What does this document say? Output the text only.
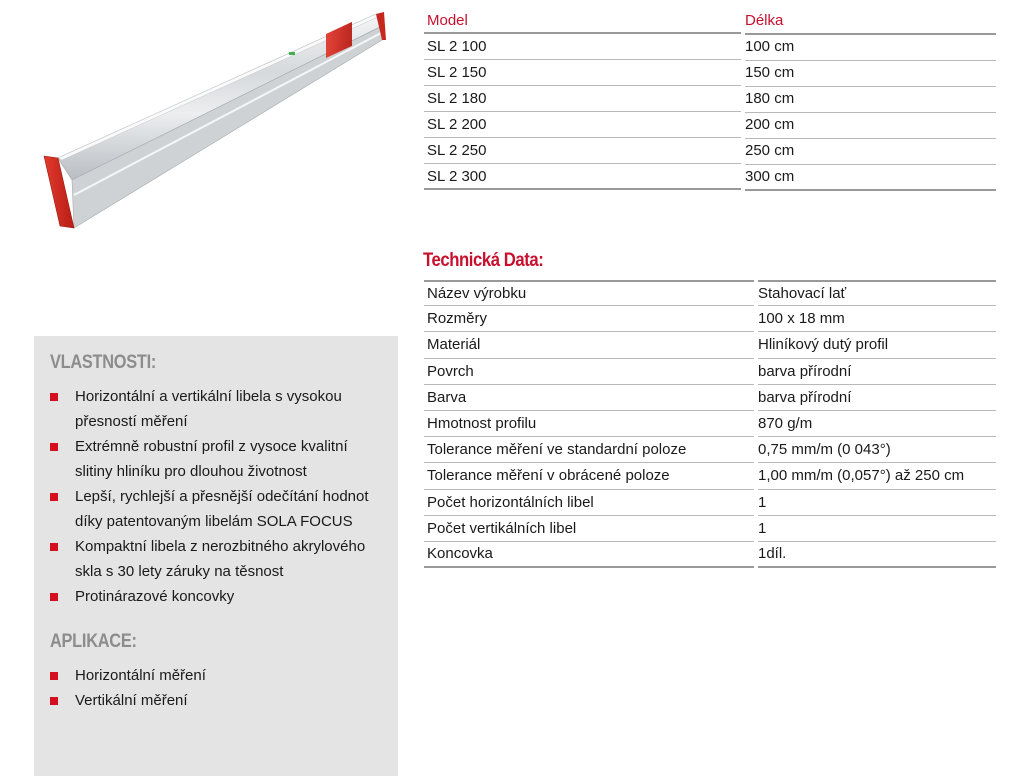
Model	Délka
SL 2 100	100 cm
SL 2 150	150 cm
SL 2 180	180 cm
SL 2 200	200 cm
SL 2 250	250 cm
SL 2 300	300 cm
Technická Data:
Název výrobku	Stahovací lať
Rozměry	100 x 18 mm
Materiál	Hliníkový dutý profil
Povrch	barva přírodní
Barva	barva přírodní
Hmotnost profilu	870 g/m
Tolerance měření ve standardní poloze	0,75 mm/m (0 043°)
Tolerance měření v obrácené poloze	1,00 mm/m (0,057°) až 250 cm
Počet horizontálních libel	1
Počet vertikálních libel	1
Koncovka	1díl.
VLASTNOSTI:
Horizontální a vertikální libela s vysokou přesností měření
Extrémně robustní profil z vysoce kvalitní slitiny hliníku pro dlouhou životnost
Lepší, rychlejší a přesnější odečítání hodnot díky patentovaným libelám SOLA FOCUS
Kompaktní libela z nerozbitného akrylového skla s 30 lety záruky na těsnost
Protinárazové koncovky
APLIKACE:
Horizontální měření
Vertikální měření
